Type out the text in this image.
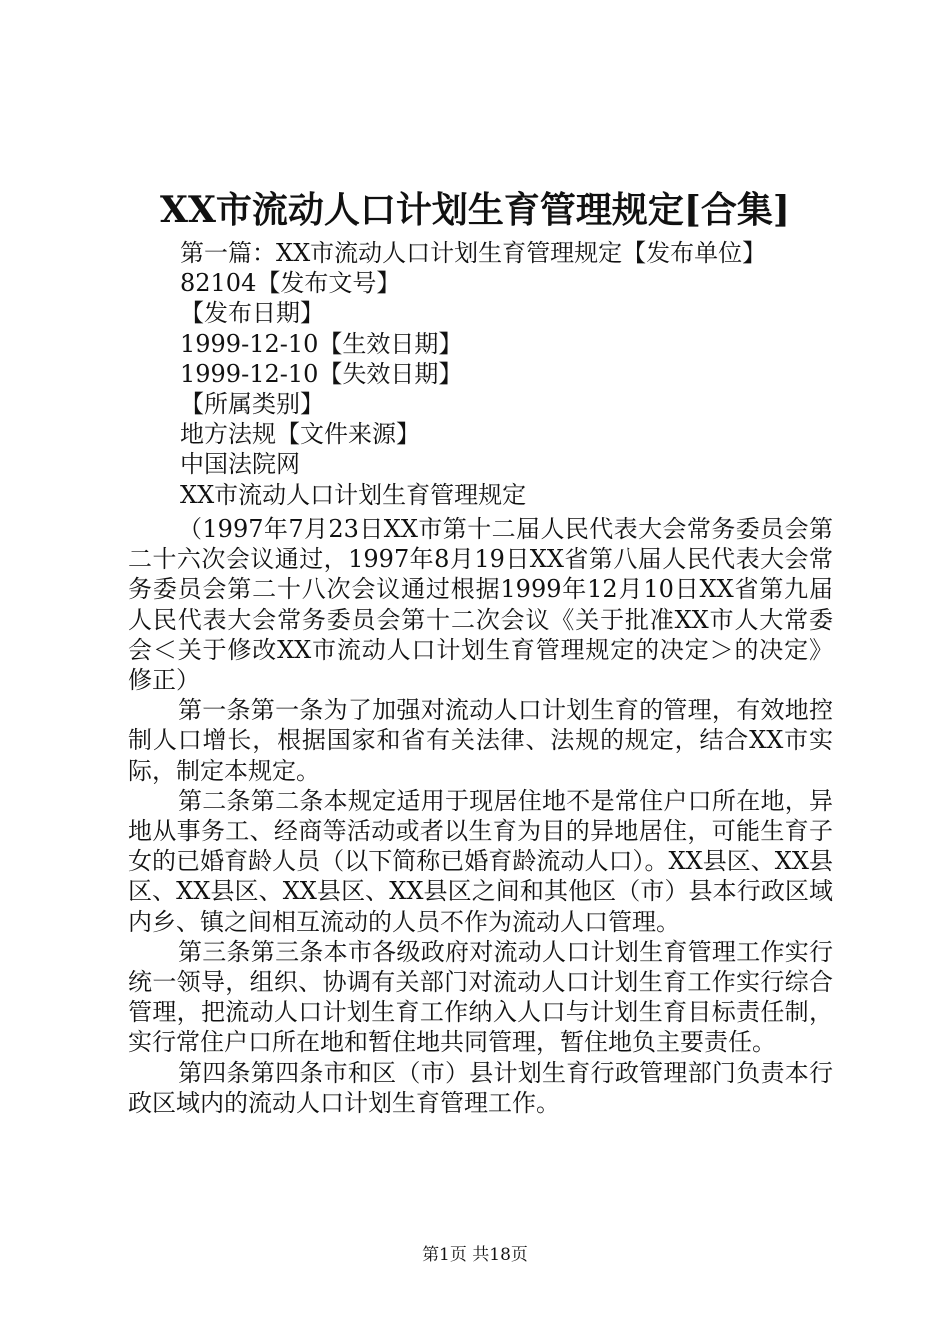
XX市流动人口计划生育管理规定[合集]
第一篇：XX市流动人口计划生育管理规定【发布单位】
82104【发布文号】
【发布日期】
1999-12-10【生效日期】
1999-12-10【失效日期】
【所属类别】
地方法规【文件来源】
中国法院网
XX市流动人口计划生育管理规定

（1997年7月23日XX市第十二届人民代表大会常务委员会第二十六次会议通过，1997年8月19日XX省第八届人民代表大会常务委员会第二十八次会议通过根据1999年12月10日XX省第九届人民代表大会常务委员会第十二次会议《关于批准XX市人大常委会＜关于修改XX市流动人口计划生育管理规定的决定＞的决定》修正）

第一条第一条为了加强对流动人口计划生育的管理，有效地控制人口增长，根据国家和省有关法律、法规的规定，结合XX市实际，制定本规定。

第二条第二条本规定适用于现居住地不是常住户口所在地，异地从事务工、经商等活动或者以生育为目的异地居住，可能生育子女的已婚育龄人员（以下简称已婚育龄流动人口）。XX县区、XX县区、XX县区、XX县区、XX县区之间和其他区（市）县本行政区域内乡、镇之间相互流动的人员不作为流动人口管理。

第三条第三条本市各级政府对流动人口计划生育管理工作实行统一领导，组织、协调有关部门对流动人口计划生育工作实行综合管理，把流动人口计划生育工作纳入人口与计划生育目标责任制，实行常住户口所在地和暂住地共同管理，暂住地负主要责任。

第四条第四条市和区（市）县计划生育行政管理部门负责本行政区域内的流动人口计划生育管理工作。

第1页 共18页
